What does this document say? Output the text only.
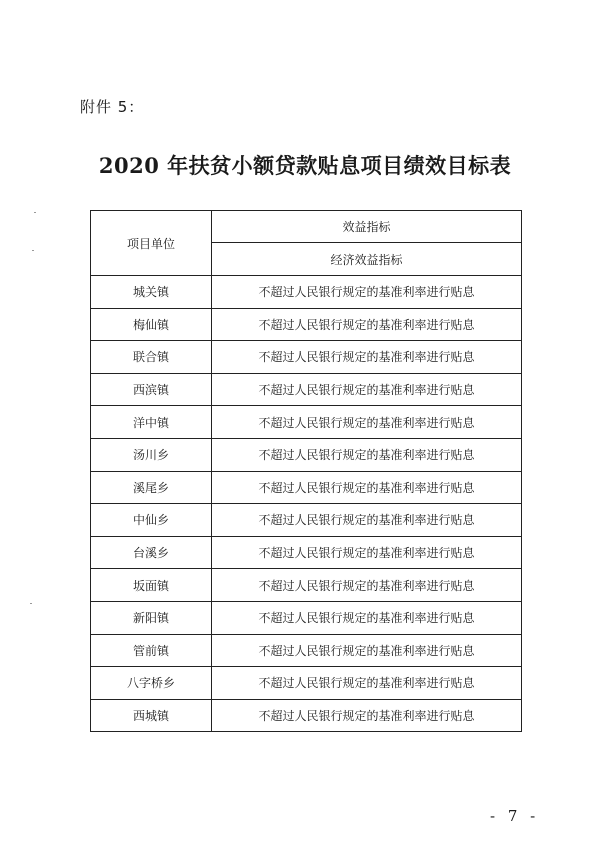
附件 5：
2020 年扶贫小额贷款贴息项目绩效目标表
项目单位	效益指标
	经济效益指标
城关镇	不超过人民银行规定的基准利率进行贴息
梅仙镇	不超过人民银行规定的基准利率进行贴息
联合镇	不超过人民银行规定的基准利率进行贴息
西滨镇	不超过人民银行规定的基准利率进行贴息
洋中镇	不超过人民银行规定的基准利率进行贴息
汤川乡	不超过人民银行规定的基准利率进行贴息
溪尾乡	不超过人民银行规定的基准利率进行贴息
中仙乡	不超过人民银行规定的基准利率进行贴息
台溪乡	不超过人民银行规定的基准利率进行贴息
坂面镇	不超过人民银行规定的基准利率进行贴息
新阳镇	不超过人民银行规定的基准利率进行贴息
管前镇	不超过人民银行规定的基准利率进行贴息
八字桥乡	不超过人民银行规定的基准利率进行贴息
西城镇	不超过人民银行规定的基准利率进行贴息
- 7 -
